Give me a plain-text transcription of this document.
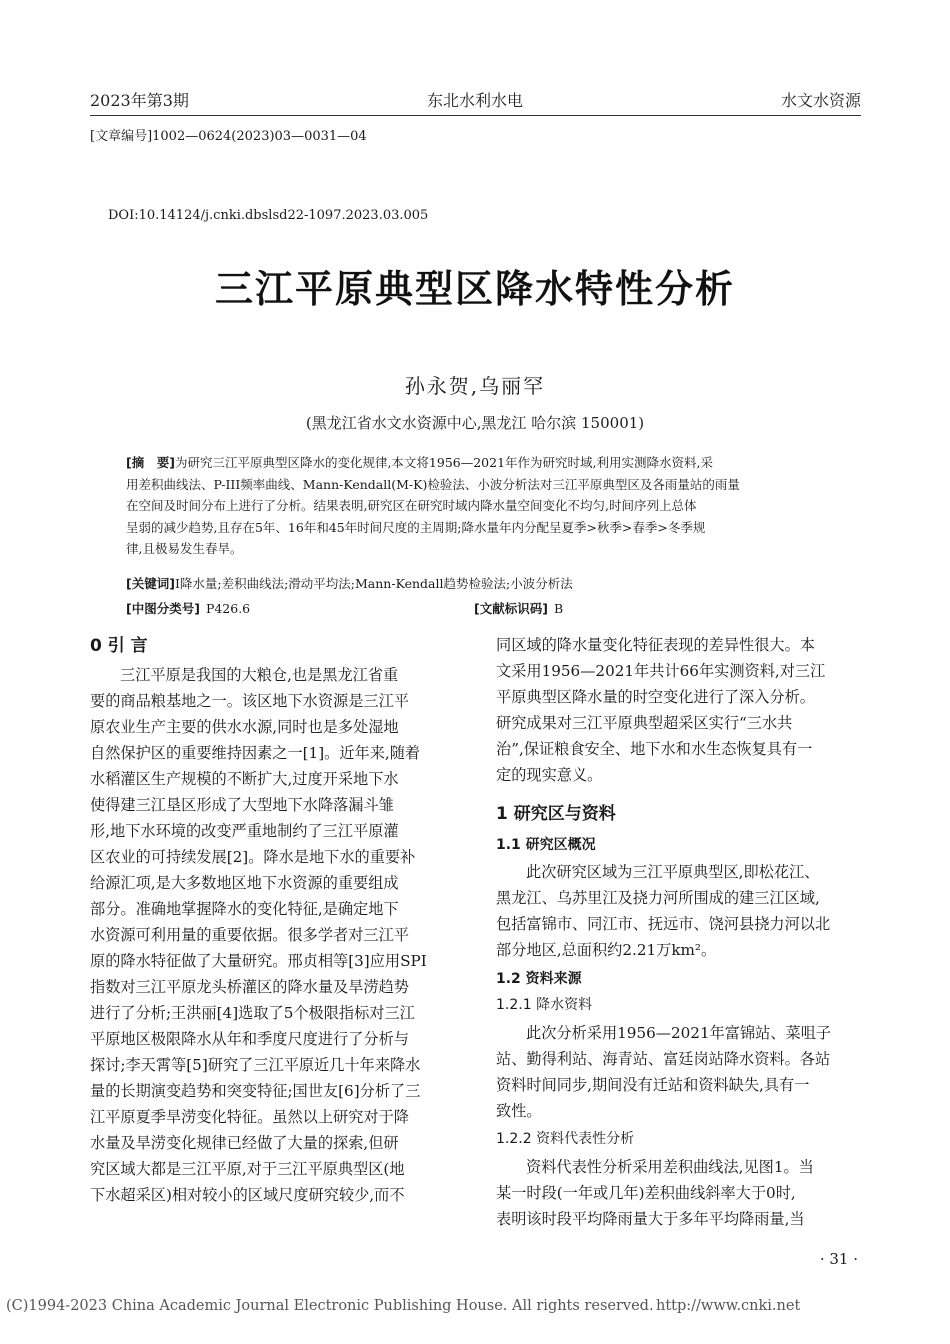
2023年第3期	东北水利水电	水文水资源
[文章编号]1002—0624(2023)03—0031—04
DOI:10.14124/j.cnki.dbslsd22-1097.2023.03.005
三江平原典型区降水特性分析
孙永贺,乌丽罕
(黑龙江省水文水资源中心,黑龙江 哈尔滨 150001)
[摘　要]为研究三江平原典型区降水的变化规律,本文将1956—2021年作为研究时域,利用实测降水资料,采
用差积曲线法、P-III频率曲线、Mann-Kendall(M-K)检验法、小波分析法对三江平原典型区及各雨量站的雨量
在空间及时间分布上进行了分析。结果表明,研究区在研究时域内降水量空间变化不均匀,时间序列上总体
呈弱的减少趋势,且存在5年、16年和45年时间尺度的主周期;降水量年内分配呈夏季>秋季>春季>冬季规
律,且极易发生春旱。
[关键词]I降水量;差积曲线法;滑动平均法;Mann-Kendall趋势检验法;小波分析法
[中图分类号] P426.6	[文献标识码] B
0 引 言
三江平原是我国的大粮仓,也是黑龙江省重
要的商品粮基地之一。该区地下水资源是三江平
原农业生产主要的供水水源,同时也是多处湿地
自然保护区的重要维持因素之一[1]。近年来,随着
水稻灌区生产规模的不断扩大,过度开采地下水
使得建三江垦区形成了大型地下水降落漏斗雏
形,地下水环境的改变严重地制约了三江平原灌
区农业的可持续发展[2]。降水是地下水的重要补
给源汇项,是大多数地区地下水资源的重要组成
部分。准确地掌握降水的变化特征,是确定地下
水资源可利用量的重要依据。很多学者对三江平
原的降水特征做了大量研究。邢贞相等[3]应用SPI
指数对三江平原龙头桥灌区的降水量及旱涝趋势
进行了分析;王洪丽[4]选取了5个极限指标对三江
平原地区极限降水从年和季度尺度进行了分析与
探讨;李天霄等[5]研究了三江平原近几十年来降水
量的长期演变趋势和突变特征;国世友[6]分析了三
江平原夏季旱涝变化特征。虽然以上研究对于降
水量及旱涝变化规律已经做了大量的探索,但研
究区域大都是三江平原,对于三江平原典型区(地
下水超采区)相对较小的区域尺度研究较少,而不
同区域的降水量变化特征表现的差异性很大。本
文采用1956—2021年共计66年实测资料,对三江
平原典型区降水量的时空变化进行了深入分析。
研究成果对三江平原典型超采区实行“三水共
治”,保证粮食安全、地下水和水生态恢复具有一
定的现实意义。
1 研究区与资料
1.1 研究区概况
此次研究区域为三江平原典型区,即松花江、
黑龙江、乌苏里江及挠力河所围成的建三江区域,
包括富锦市、同江市、抚远市、饶河县挠力河以北
部分地区,总面积约2.21万km²。
1.2 资料来源
1.2.1 降水资料
此次分析采用1956—2021年富锦站、菜咀子
站、勤得利站、海青站、富廷岗站降水资料。各站
资料时间同步,期间没有迁站和资料缺失,具有一
致性。
1.2.2 资料代表性分析
资料代表性分析采用差积曲线法,见图1。当
某一时段(一年或几年)差积曲线斜率大于0时,
表明该时段平均降雨量大于多年平均降雨量,当
· 31 ·
(C)1994-2023 China Academic Journal Electronic Publishing House. All rights reserved. http://www.cnki.net
